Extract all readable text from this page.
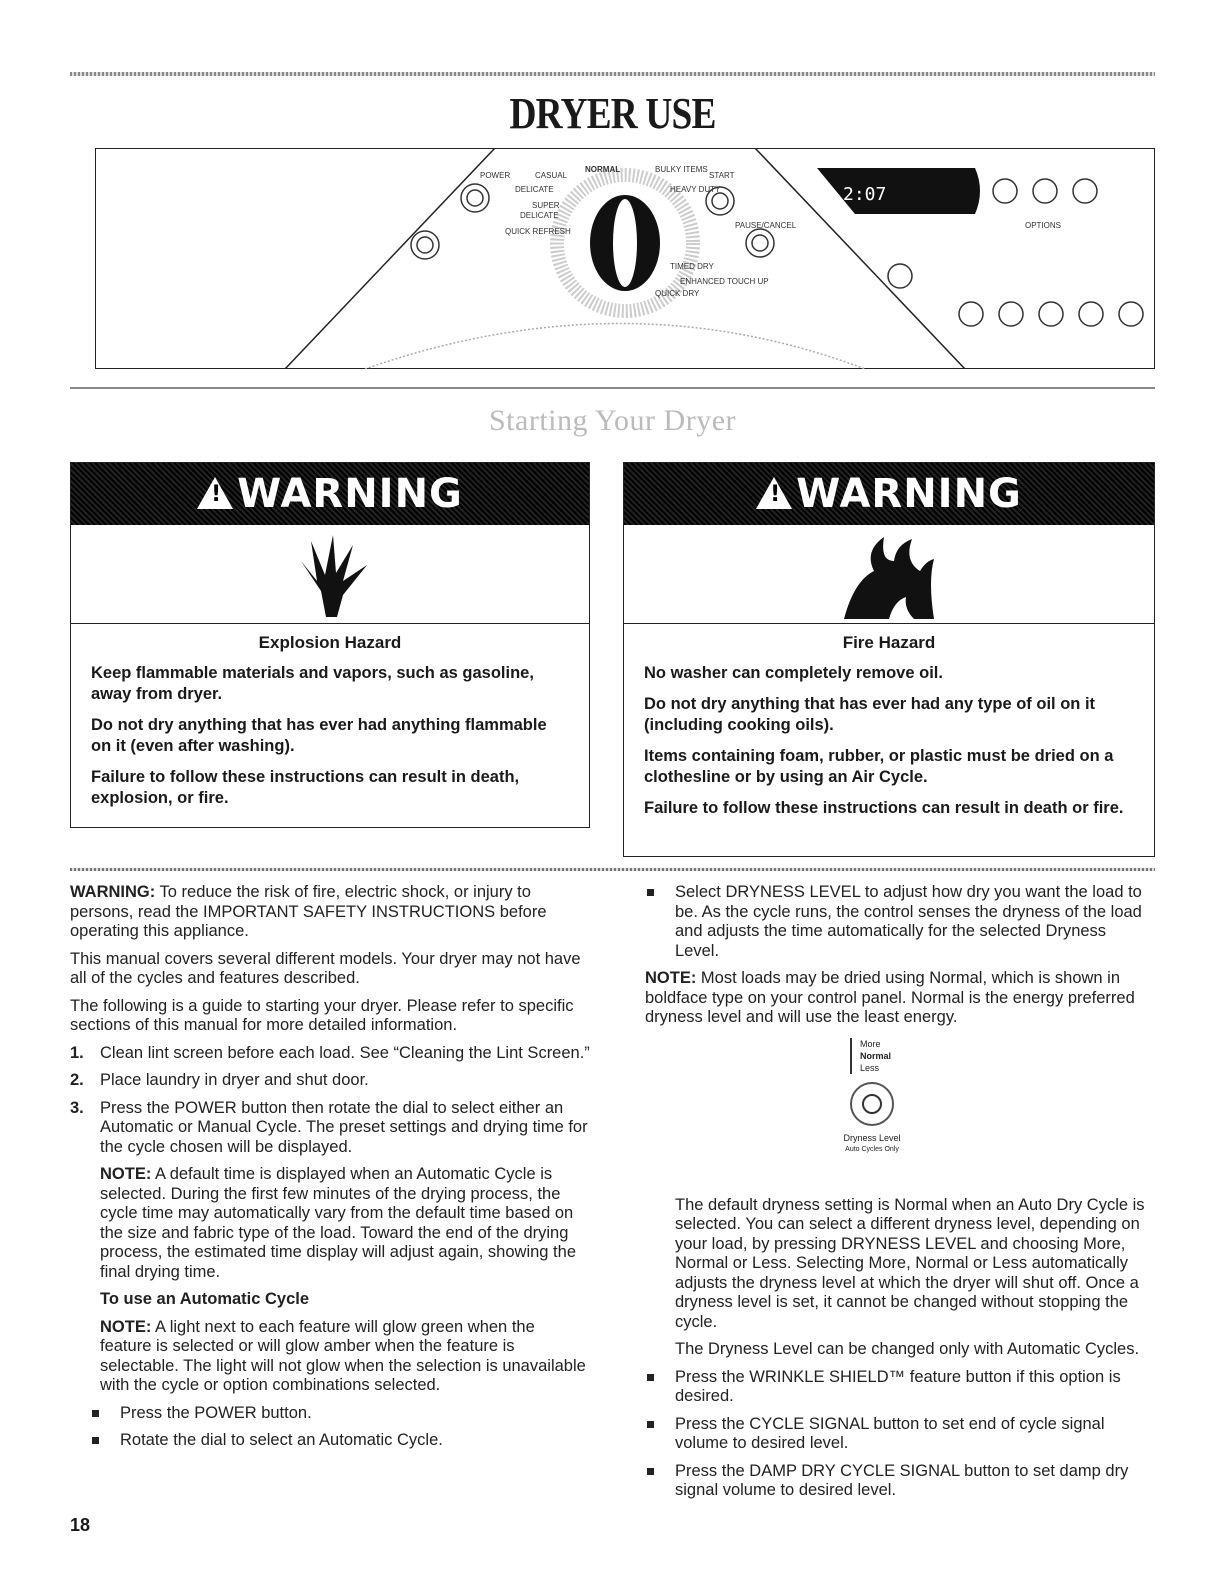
DRYER USE
2:07
POWER	CASUAL
NORMAL	BULKY ITEMS
START
DELICATE	HEAVY DUTY
SUPER
DELICATE
QUICK REFRESH
TIMED DRY
ENHANCED TOUCH UP
QUICK DRY
PAUSE/CANCEL	OPTIONS
Starting Your Dryer
!WARNING
Explosion Hazard

Keep flammable materials and vapors, such as gasoline, away from dryer.

Do not dry anything that has ever had anything flammable on it (even after washing).

Failure to follow these instructions can result in death, explosion, or fire.

!WARNING
Fire Hazard

No washer can completely remove oil.

Do not dry anything that has ever had any type of oil on it (including cooking oils).

Items containing foam, rubber, or plastic must be dried on a clothesline or by using an Air Cycle.

Failure to follow these instructions can result in death or fire.

WARNING: To reduce the risk of fire, electric shock, or injury to persons, read the IMPORTANT SAFETY INSTRUCTIONS before operating this appliance.

This manual covers several different models. Your dryer may not have all of the cycles and features described.

The following is a guide to starting your dryer. Please refer to specific sections of this manual for more detailed information.

1. Clean lint screen before each load. See “Cleaning the Lint Screen.”
2. Place laundry in dryer and shut door.
3. Press the POWER button then rotate the dial to select either an Automatic or Manual Cycle. The preset settings and drying time for the cycle chosen will be displayed.

NOTE: A default time is displayed when an Automatic Cycle is selected. During the first few minutes of the drying process, the cycle time may automatically vary from the default time based on the size and fabric type of the load. Toward the end of the drying process, the estimated time display will adjust again, showing the final drying time.

To use an Automatic Cycle

NOTE: A light next to each feature will glow green when the feature is selected or will glow amber when the feature is selectable. The light will not glow when the selection is unavailable with the cycle or option combinations selected.

Press the POWER button.
Rotate the dial to select an Automatic Cycle.
Select DRYNESS LEVEL to adjust how dry you want the load to be. As the cycle runs, the control senses the dryness of the load and adjusts the time automatically for the selected Dryness Level.

NOTE: Most loads may be dried using Normal, which is shown in boldface type on your control panel. Normal is the energy preferred dryness level and will use the least energy.

More
Normal
Less
Dryness Level
Auto Cycles Only

The default dryness setting is Normal when an Auto Dry Cycle is selected. You can select a different dryness level, depending on your load, by pressing DRYNESS LEVEL and choosing More, Normal or Less. Selecting More, Normal or Less automatically adjusts the dryness level at which the dryer will shut off. Once a dryness level is set, it cannot be changed without stopping the cycle.

The Dryness Level can be changed only with Automatic Cycles.

Press the WRINKLE SHIELD™ feature button if this option is desired.
Press the CYCLE SIGNAL button to set end of cycle signal volume to desired level.
Press the DAMP DRY CYCLE SIGNAL button to set damp dry signal volume to desired level.
18
